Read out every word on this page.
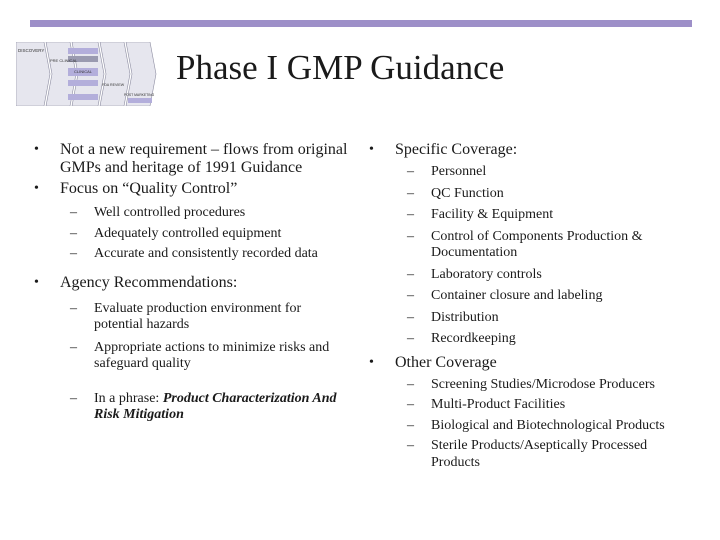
DISCOVERY
PRE CLINICAL
CLINICAL
FDA REVIEW
POST MARKETING
Phase I GMP Guidance
•	Not a new requirement – flows from original GMPs and heritage of 1991 Guidance
•	Focus on “Quality Control”
–	Well controlled procedures
–	Adequately controlled equipment
–	Accurate and consistently recorded data
•	Agency Recommendations:
–	Evaluate production environment for potential hazards
–	Appropriate actions to minimize risks and safeguard quality
–	In a phrase: Product Characterization And Risk Mitigation
•	Specific Coverage:
–	Personnel
–	QC Function
–	Facility & Equipment
–	Control of Components Production & Documentation
–	Laboratory controls
–	Container closure and labeling
–	Distribution
–	Recordkeeping
•	Other Coverage
–	Screening Studies/Microdose Producers
–	Multi-Product Facilities
–	Biological and Biotechnological Products
–	Sterile Products/Aseptically Processed Products
